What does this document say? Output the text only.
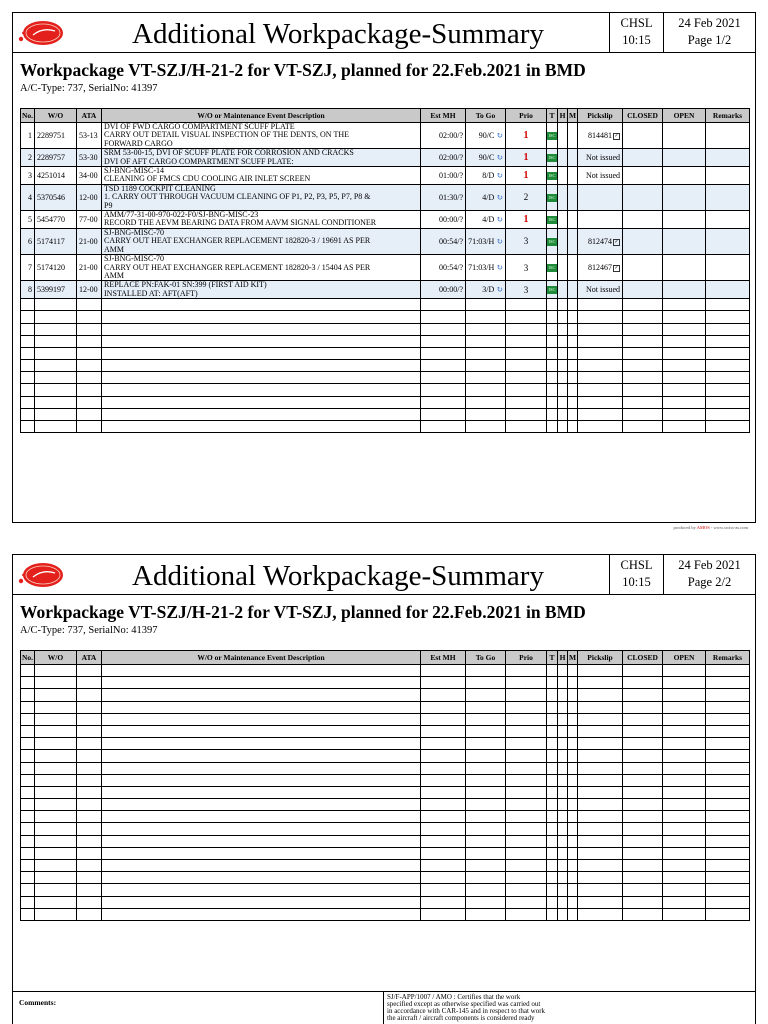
Additional Workpackage-Summary	CHSL
10:15
24 Feb 2021
Page 1/2
Workpackage VT-SZJ/H-21-2 for VT-SZJ, planned for 22.Feb.2021 in BMD
A/C-Type: 737, SerialNo: 41397
No.	W/O	ATA	W/O or Maintenance Event Description	Est MH	To Go	Prio	T	H	M	Pickslip	CLOSED	OPEN	Remarks
1	2289751	53-13	DVI OF FWD CARGO COMPARTMENT SCUFF PLATE
CARRY OUT DETAIL VISUAL INSPECTION OF THE DENTS, ON THE
FORWARD CARGO	02:00/?	90/C ↻	1	ISC			814481 ✓			
2	2289757	53-30	SRM 53-00-15, DVI OF SCUFF PLATE FOR CORROSION AND CRACKS
DVI OF AFT CARGO COMPARTMENT SCUFF PLATE:	02:00/?	90/C ↻	1	ISC			Not issued			
3	4251014	34-00	SJ-BNG-MISC-14
CLEANING OF FMCS CDU COOLING AIR INLET SCREEN	01:00/?	8/D ↻	1	ISC			Not issued			
4	5370546	12-00	TSD 1189 COCKPIT CLEANING
1. CARRY OUT THROUGH VACUUM CLEANING OF P1, P2, P3, P5, P7, P8 &
P9	01:30/?	4/D ↻	2	ISC						
5	5454770	77-00	AMM/77-31-00-970-022-F0/SJ-BNG-MISC-23
RECORD THE AEVM BEARING DATA FROM AAVM SIGNAL CONDITIONER	00:00/?	4/D ↻	1	ISC						
6	5174117	21-00	SJ-BNG-MISC-70
CARRY OUT HEAT EXCHANGER REPLACEMENT 182820-3 / 19691 AS PER
AMM	00:54/?	71:03/H ↻	3	ISC			812474 ✓			
7	5174120	21-00	SJ-BNG-MISC-70
CARRY OUT HEAT EXCHANGER REPLACEMENT 182820-3 / 15404 AS PER
AMM	00:54/?	71:03/H ↻	3	ISC			812467 ✓			
8	5399197	12-00	REPLACE PN:FAK-01 SN:399 (FIRST AID KIT)
INSTALLED AT: AFT(AFT)	00:00/?	3/D ↻	3	ISC			Not issued			

produced by AMOS - www.swiss-as.com
Additional Workpackage-Summary	CHSL
10:15
24 Feb 2021
Page 2/2
Workpackage VT-SZJ/H-21-2 for VT-SZJ, planned for 22.Feb.2021 in BMD
A/C-Type: 737, SerialNo: 41397
No.	W/O	ATA	W/O or Maintenance Event Description	Est MH	To Go	Prio	T	H	M	Pickslip	CLOSED	OPEN	Remarks

Comments:
SJ/F-APP/1007 / AMO : Certifies that the work
specified except as otherwise specified was carried out
in accordance with CAR-145 and in respect to that work
the aircraft / aircraft components is considered ready
